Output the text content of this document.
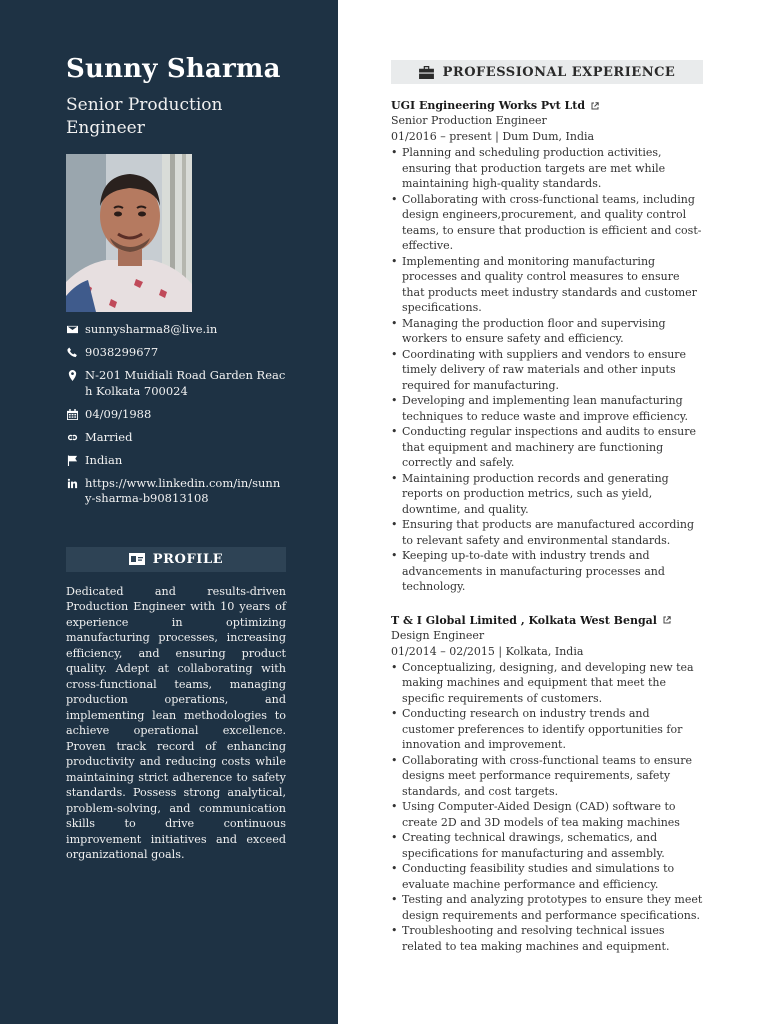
Sunny Sharma
Senior Production Engineer
sunnysharma8@live.in
9038299677
N-201 Muidiali Road Garden Reach Kolkata 700024
04/09/1988
Married
Indian
https://www.linkedin.com/in/sunny-sharma-b90813108
PROFILE
Dedicated and results-driven Production Engineer with 10 years of experience in optimizing manufacturing processes, increasing efficiency, and ensuring product quality. Adept at collaborating with cross-functional teams, managing production operations, and implementing lean methodologies to achieve operational excellence. Proven track record of enhancing productivity and reducing costs while maintaining strict adherence to safety standards. Possess strong analytical, problem-solving, and communication skills to drive continuous improvement initiatives and exceed organizational goals.
PROFESSIONAL EXPERIENCE
UGI Engineering Works Pvt Ltd
Senior Production Engineer
01/2016 – present | Dum Dum, India
• Planning and scheduling production activities, ensuring that production targets are met while maintaining high-quality standards.
• Collaborating with cross-functional teams, including design engineers,procurement, and quality control teams, to ensure that production is efficient and cost-effective.
• Implementing and monitoring manufacturing processes and quality control measures to ensure that products meet industry standards and customer specifications.
• Managing the production floor and supervising workers to ensure safety and efficiency.
• Coordinating with suppliers and vendors to ensure timely delivery of raw materials and other inputs required for manufacturing.
• Developing and implementing lean manufacturing techniques to reduce waste and improve efficiency.
• Conducting regular inspections and audits to ensure that equipment and machinery are functioning correctly and safely.
• Maintaining production records and generating reports on production metrics, such as yield, downtime, and quality.
• Ensuring that products are manufactured according to relevant safety and environmental standards.
• Keeping up-to-date with industry trends and advancements in manufacturing processes and technology.
T & I Global Limited , Kolkata West Bengal
Design Engineer
01/2014 – 02/2015 | Kolkata, India
• Conceptualizing, designing, and developing new tea making machines and equipment that meet the specific requirements of customers.
• Conducting research on industry trends and customer preferences to identify opportunities for innovation and improvement.
• Collaborating with cross-functional teams to ensure designs meet performance requirements, safety standards, and cost targets.
• Using Computer-Aided Design (CAD) software to create 2D and 3D models of tea making machines
• Creating technical drawings, schematics, and specifications for manufacturing and assembly.
• Conducting feasibility studies and simulations to evaluate machine performance and efficiency.
• Testing and analyzing prototypes to ensure they meet design requirements and performance specifications.
• Troubleshooting and resolving technical issues related to tea making machines and equipment.
